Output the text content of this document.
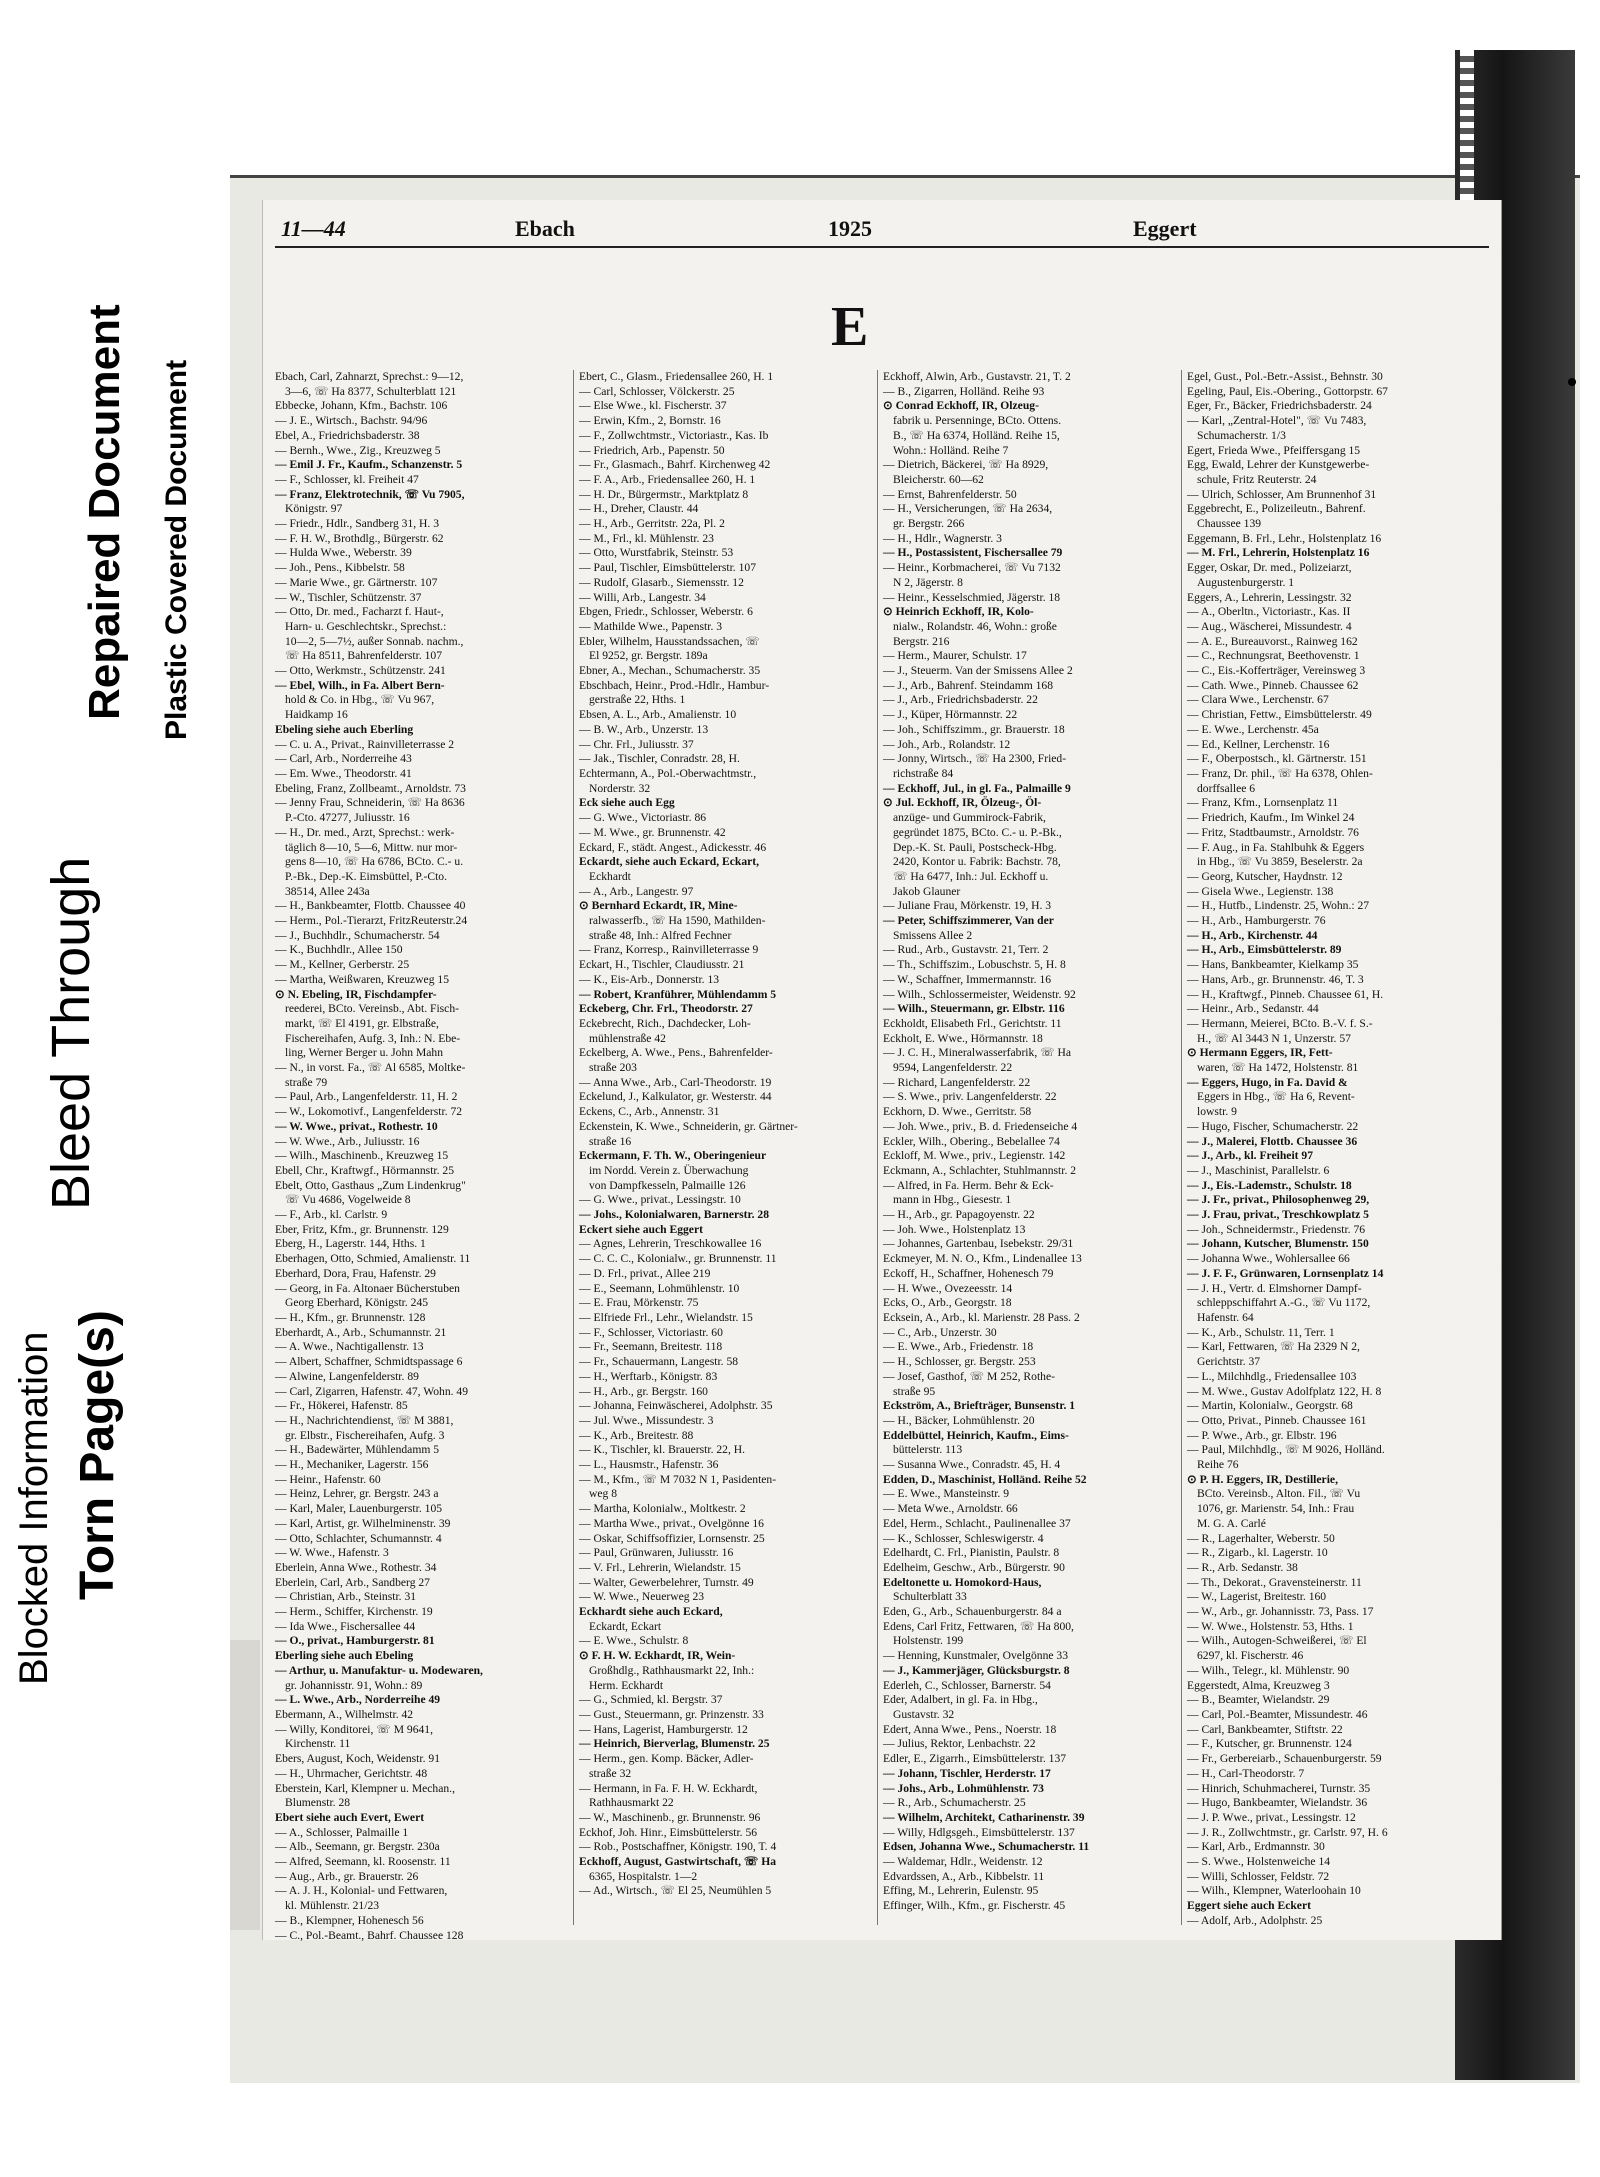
Blocked Information Torn Page(s)
Bleed Through
Repaired Document Plastic Covered Document
11—44	Ebach	1925	Eggert
E
Ebach, Carl, Zahnarzt, Sprechst.: 9—12,
3—6, ☏ Ha 8377, Schulterblatt 121
Ebbecke, Johann, Kfm., Bachstr. 106
— J. E., Wirtsch., Bachstr. 94/96
Ebel, A., Friedrichsbaderstr. 38
— Bernh., Wwe., Zig., Kreuzweg 5
— Emil J. Fr., Kaufm., Schanzenstr. 5
— F., Schlosser, kl. Freiheit 47
— Franz, Elektrotechnik, ☏ Vu 7905,
Königstr. 97
— Friedr., Hdlr., Sandberg 31, H. 3
— F. H. W., Brothdlg., Bürgerstr. 62
— Hulda Wwe., Weberstr. 39
— Joh., Pens., Kibbelstr. 58
— Marie Wwe., gr. Gärtnerstr. 107
— W., Tischler, Schützenstr. 37
— Otto, Dr. med., Facharzt f. Haut-,
Harn- u. Geschlechtskr., Sprechst.:
10—2, 5—7½, außer Sonnab. nachm.,
☏ Ha 8511, Bahrenfelderstr. 107
— Otto, Werkmstr., Schützenstr. 241
— Ebel, Wilh., in Fa. Albert Bern-
hold & Co. in Hbg., ☏ Vu 967,
Haidkamp 16
Ebeling siehe auch Eberling
— C. u. A., Privat., Rainvilleterrasse 2
— Carl, Arb., Norderreihe 43
— Em. Wwe., Theodorstr. 41
Ebeling, Franz, Zollbeamt., Arnoldstr. 73
— Jenny Frau, Schneiderin, ☏ Ha 8636
P.-Cto. 47277, Juliusstr. 16
— H., Dr. med., Arzt, Sprechst.: werk-
täglich 8—10, 5—6, Mittw. nur mor-
gens 8—10, ☏ Ha 6786, BCto. C.- u.
P.-Bk., Dep.-K. Eimsbüttel, P.-Cto.
38514, Allee 243a
— H., Bankbeamter, Flottb. Chaussee 40
— Herm., Pol.-Tierarzt, FritzReuterstr.24
— J., Buchhdlr., Schumacherstr. 54
— K., Buchhdlr., Allee 150
— M., Kellner, Gerberstr. 25
— Martha, Weißwaren, Kreuzweg 15
⊙ N. Ebeling, IR, Fischdampfer-
reederei, BCto. Vereinsb., Abt. Fisch-
markt, ☏ El 4191, gr. Elbstraße,
Fischereihafen, Aufg. 3, Inh.: N. Ebe-
ling, Werner Berger u. John Mahn
— N., in vorst. Fa., ☏ Al 6585, Moltke-
straße 79
— Paul, Arb., Langenfelderstr. 11, H. 2
— W., Lokomotivf., Langenfelderstr. 72
— W. Wwe., privat., Rothestr. 10
— W. Wwe., Arb., Juliusstr. 16
— Wilh., Maschinenb., Kreuzweg 15
Ebell, Chr., Kraftwgf., Hörmannstr. 25
Ebelt, Otto, Gasthaus „Zum Lindenkrug"
☏ Vu 4686, Vogelweide 8
— F., Arb., kl. Carlstr. 9
Eber, Fritz, Kfm., gr. Brunnenstr. 129
Eberg, H., Lagerstr. 144, Hths. 1
Eberhagen, Otto, Schmied, Amalienstr. 11
Eberhard, Dora, Frau, Hafenstr. 29
— Georg, in Fa. Altonaer Bücherstuben
Georg Eberhard, Königstr. 245
— H., Kfm., gr. Brunnenstr. 128
Eberhardt, A., Arb., Schumannstr. 21
— A. Wwe., Nachtigallenstr. 13
— Albert, Schaffner, Schmidtspassage 6
— Alwine, Langenfelderstr. 89
— Carl, Zigarren, Hafenstr. 47, Wohn. 49
— Fr., Hökerei, Hafenstr. 85
— H., Nachrichtendienst, ☏ M 3881,
gr. Elbstr., Fischereihafen, Aufg. 3
— H., Badewärter, Mühlendamm 5
— H., Mechaniker, Lagerstr. 156
— Heinr., Hafenstr. 60
— Heinz, Lehrer, gr. Bergstr. 243 a
— Karl, Maler, Lauenburgerstr. 105
— Karl, Artist, gr. Wilhelminenstr. 39
— Otto, Schlachter, Schumannstr. 4
— W. Wwe., Hafenstr. 3
Eberlein, Anna Wwe., Rothestr. 34
Eberlein, Carl, Arb., Sandberg 27
— Christian, Arb., Steinstr. 31
— Herm., Schiffer, Kirchenstr. 19
— Ida Wwe., Fischersallee 44
— O., privat., Hamburgerstr. 81
Eberling siehe auch Ebeling
— Arthur, u. Manufaktur- u. Modewaren,
gr. Johannisstr. 91, Wohn.: 89
— L. Wwe., Arb., Norderreihe 49
Ebermann, A., Wilhelmstr. 42
— Willy, Konditorei, ☏ M 9641,
Kirchenstr. 11
Ebers, August, Koch, Weidenstr. 91
— H., Uhrmacher, Gerichtstr. 48
Eberstein, Karl, Klempner u. Mechan.,
Blumenstr. 28
Ebert siehe auch Evert, Ewert
— A., Schlosser, Palmaille 1
— Alb., Seemann, gr. Bergstr. 230a
— Alfred, Seemann, kl. Roosenstr. 11
— Aug., Arb., gr. Brauerstr. 26
— A. J. H., Kolonial- und Fettwaren,
kl. Mühlenstr. 21/23
— B., Klempner, Hohenesch 56
— C., Pol.-Beamt., Bahrf. Chaussee 128
Ebert, C., Glasm., Friedensallee 260, H. 1
— Carl, Schlosser, Völckerstr. 25
— Else Wwe., kl. Fischerstr. 37
— Erwin, Kfm., 2, Bornstr. 16
— F., Zollwchtmstr., Victoriastr., Kas. Ib
— Friedrich, Arb., Papenstr. 50
— Fr., Glasmach., Bahrf. Kirchenweg 42
— F. A., Arb., Friedensallee 260, H. 1
— H. Dr., Bürgermstr., Marktplatz 8
— H., Dreher, Claustr. 44
— H., Arb., Gerritstr. 22a, Pl. 2
— M., Frl., kl. Mühlenstr. 23
— Otto, Wurstfabrik, Steinstr. 53
— Paul, Tischler, Eimsbüttelerstr. 107
— Rudolf, Glasarb., Siemensstr. 12
— Willi, Arb., Langestr. 34
Ebgen, Friedr., Schlosser, Weberstr. 6
— Mathilde Wwe., Papenstr. 3
Ebler, Wilhelm, Hausstandssachen, ☏
El 9252, gr. Bergstr. 189a
Ebner, A., Mechan., Schumacherstr. 35
Ebschbach, Heinr., Prod.-Hdlr., Hambur-
gerstraße 22, Hths. 1
Ebsen, A. L., Arb., Amalienstr. 10
— B. W., Arb., Unzerstr. 13
— Chr. Frl., Juliusstr. 37
— Jak., Tischler, Conradstr. 28, H.
Echtermann, A., Pol.-Oberwachtmstr.,
Norderstr. 32
Eck siehe auch Egg
— G. Wwe., Victoriastr. 86
— M. Wwe., gr. Brunnenstr. 42
Eckard, F., städt. Angest., Adickesstr. 46
Eckardt, siehe auch Eckard, Eckart,
Eckhardt
— A., Arb., Langestr. 97
⊙ Bernhard Eckardt, IR, Mine-
ralwasserfb., ☏ Ha 1590, Mathilden-
straße 48, Inh.: Alfred Fechner
— Franz, Korresp., Rainvilleterrasse 9
Eckart, H., Tischler, Claudiusstr. 21
— K., Eis-Arb., Donnerstr. 13
— Robert, Kranführer, Mühlendamm 5
Eckeberg, Chr. Frl., Theodorstr. 27
Eckebrecht, Rich., Dachdecker, Loh-
mühlenstraße 42
Eckelberg, A. Wwe., Pens., Bahrenfelder-
straße 203
— Anna Wwe., Arb., Carl-Theodorstr. 19
Eckelund, J., Kalkulator, gr. Westerstr. 44
Eckens, C., Arb., Annenstr. 31
Eckenstein, K. Wwe., Schneiderin, gr. Gärtner-
straße 16
Eckermann, F. Th. W., Oberingenieur
im Nordd. Verein z. Überwachung
von Dampfkesseln, Palmaille 126
— G. Wwe., privat., Lessingstr. 10
— Johs., Kolonialwaren, Barnerstr. 28
Eckert siehe auch Eggert
— Agnes, Lehrerin, Treschkowallee 16
— C. C. C., Kolonialw., gr. Brunnenstr. 11
— D. Frl., privat., Allee 219
— E., Seemann, Lohmühlenstr. 10
— E. Frau, Mörkenstr. 75
— Elfriede Frl., Lehr., Wielandstr. 15
— F., Schlosser, Victoriastr. 60
— Fr., Seemann, Breitestr. 118
— Fr., Schauermann, Langestr. 58
— H., Werftarb., Königstr. 83
— H., Arb., gr. Bergstr. 160
— Johanna, Feinwäscherei, Adolphstr. 35
— Jul. Wwe., Missundestr. 3
— K., Arb., Breitestr. 88
— K., Tischler, kl. Brauerstr. 22, H.
— L., Hausmstr., Hafenstr. 36
— M., Kfm., ☏ M 7032 N 1, Pasidenten-
weg 8
— Martha, Kolonialw., Moltkestr. 2
— Martha Wwe., privat., Ovelgönne 16
— Oskar, Schiffsoffizier, Lornsenstr. 25
— Paul, Grünwaren, Juliusstr. 16
— V. Frl., Lehrerin, Wielandstr. 15
— Walter, Gewerbelehrer, Turnstr. 49
— W. Wwe., Neuerweg 23
Eckhardt siehe auch Eckard,
Eckardt, Eckart
— E. Wwe., Schulstr. 8
⊙ F. H. W. Eckhardt, IR, Wein-
Großhdlg., Rathhausmarkt 22, Inh.:
Herm. Eckhardt
— G., Schmied, kl. Bergstr. 37
— Gust., Steuermann, gr. Prinzenstr. 33
— Hans, Lagerist, Hamburgerstr. 12
— Heinrich, Bierverlag, Blumenstr. 25
— Herm., gen. Komp. Bäcker, Adler-
straße 32
— Hermann, in Fa. F. H. W. Eckhardt,
Rathhausmarkt 22
— W., Maschinenb., gr. Brunnenstr. 96
Eckhof, Joh. Hinr., Eimsbüttelerstr. 56
— Rob., Postschaffner, Königstr. 190, T. 4
Eckhoff, August, Gastwirtschaft, ☏ Ha
6365, Hospitalstr. 1—2
— Ad., Wirtsch., ☏ El 25, Neumühlen 5
Eckhoff, Alwin, Arb., Gustavstr. 21, T. 2
— B., Zigarren, Holländ. Reihe 93
⊙ Conrad Eckhoff, IR, Olzeug-
fabrik u. Persenninge, BCto. Ottens.
B., ☏ Ha 6374, Holländ. Reihe 15,
Wohn.: Holländ. Reihe 7
— Dietrich, Bäckerei, ☏ Ha 8929,
Bleicherstr. 60—62
— Ernst, Bahrenfelderstr. 50
— H., Versicherungen, ☏ Ha 2634,
gr. Bergstr. 266
— H., Hdlr., Wagnerstr. 3
— H., Postassistent, Fischersallee 79
— Heinr., Korbmacherei, ☏ Vu 7132
N 2, Jägerstr. 8
— Heinr., Kesselschmied, Jägerstr. 18
⊙ Heinrich Eckhoff, IR, Kolo-
nialw., Rolandstr. 46, Wohn.: große
Bergstr. 216
— Herm., Maurer, Schulstr. 17
— J., Steuerm. Van der Smissens Allee 2
— J., Arb., Bahrenf. Steindamm 168
— J., Arb., Friedrichsbaderstr. 22
— J., Küper, Hörmannstr. 22
— Joh., Schiffszimm., gr. Brauerstr. 18
— Joh., Arb., Rolandstr. 12
— Jonny, Wirtsch., ☏ Ha 2300, Fried-
richstraße 84
— Eckhoff, Jul., in gl. Fa., Palmaille 9
⊙ Jul. Eckhoff, IR, Ölzeug-, Öl-
anzüge- und Gummirock-Fabrik,
gegründet 1875, BCto. C.- u. P.-Bk.,
Dep.-K. St. Pauli, Postscheck-Hbg.
2420, Kontor u. Fabrik: Bachstr. 78,
☏ Ha 6477, Inh.: Jul. Eckhoff u.
Jakob Glauner
— Juliane Frau, Mörkenstr. 19, H. 3
— Peter, Schiffszimmerer, Van der
Smissens Allee 2
— Rud., Arb., Gustavstr. 21, Terr. 2
— Th., Schiffszim., Lobuschstr. 5, H. 8
— W., Schaffner, Immermannstr. 16
— Wilh., Schlossermeister, Weidenstr. 92
— Wilh., Steuermann, gr. Elbstr. 116
Eckholdt, Elisabeth Frl., Gerichtstr. 11
Eckholt, E. Wwe., Hörmannstr. 18
— J. C. H., Mineralwasserfabrik, ☏ Ha
9594, Langenfelderstr. 22
— Richard, Langenfelderstr. 22
— S. Wwe., priv. Langenfelderstr. 22
Eckhorn, D. Wwe., Gerritstr. 58
— Joh. Wwe., priv., B. d. Friedenseiche 4
Eckler, Wilh., Obering., Bebelallee 74
Eckloff, M. Wwe., priv., Legienstr. 142
Eckmann, A., Schlachter, Stuhlmannstr. 2
— Alfred, in Fa. Herm. Behr & Eck-
mann in Hbg., Giesestr. 1
— H., Arb., gr. Papagoyenstr. 22
— Joh. Wwe., Holstenplatz 13
— Johannes, Gartenbau, Isebekstr. 29/31
Eckmeyer, M. N. O., Kfm., Lindenallee 13
Eckoff, H., Schaffner, Hohenesch 79
— H. Wwe., Ovezeesstr. 14
Ecks, O., Arb., Georgstr. 18
Ecksein, A., Arb., kl. Marienstr. 28 Pass. 2
— C., Arb., Unzerstr. 30
— E. Wwe., Arb., Friedenstr. 18
— H., Schlosser, gr. Bergstr. 253
— Josef, Gasthof, ☏ M 252, Rothe-
straße 95
Eckström, A., Briefträger, Bunsenstr. 1
— H., Bäcker, Lohmühlenstr. 20
Eddelbüttel, Heinrich, Kaufm., Eims-
büttelerstr. 113
— Susanna Wwe., Conradstr. 45, H. 4
Edden, D., Maschinist, Holländ. Reihe 52
— E. Wwe., Mansteinstr. 9
— Meta Wwe., Arnoldstr. 66
Edel, Herm., Schlacht., Paulinenallee 37
— K., Schlosser, Schleswigerstr. 4
Edelhardt, C. Frl., Pianistin, Paulstr. 8
Edelheim, Geschw., Arb., Bürgerstr. 90
Edeltonette u. Homokord-Haus,
Schulterblatt 33
Eden, G., Arb., Schauenburgerstr. 84 a
Edens, Carl Fritz, Fettwaren, ☏ Ha 800,
Holstenstr. 199
— Henning, Kunstmaler, Ovelgönne 33
— J., Kammerjäger, Glücksburgstr. 8
Ederleh, C., Schlosser, Barnerstr. 54
Eder, Adalbert, in gl. Fa. in Hbg.,
Gustavstr. 32
Edert, Anna Wwe., Pens., Noerstr. 18
— Julius, Rektor, Lenbachstr. 22
Edler, E., Zigarrh., Eimsbüttelerstr. 137
— Johann, Tischler, Herderstr. 17
— Johs., Arb., Lohmühlenstr. 73
— R., Arb., Schumacherstr. 25
— Wilhelm, Architekt, Catharinenstr. 39
— Willy, Hdlgsgeh., Eimsbüttelerstr. 137
Edsen, Johanna Wwe., Schumacherstr. 11
— Waldemar, Hdlr., Weidenstr. 12
Edvardssen, A., Arb., Kibbelstr. 11
Effing, M., Lehrerin, Eulenstr. 95
Effinger, Wilh., Kfm., gr. Fischerstr. 45
Egel, Gust., Pol.-Betr.-Assist., Behnstr. 30
Egeling, Paul, Eis.-Obering., Gottorpstr. 67
Eger, Fr., Bäcker, Friedrichsbaderstr. 24
— Karl, „Zentral-Hotel", ☏ Vu 7483,
Schumacherstr. 1/3
Egert, Frieda Wwe., Pfeiffersgang 15
Egg, Ewald, Lehrer der Kunstgewerbe-
schule, Fritz Reuterstr. 24
— Ulrich, Schlosser, Am Brunnenhof 31
Eggebrecht, E., Polizeileutn., Bahrenf.
Chaussee 139
Eggemann, B. Frl., Lehr., Holstenplatz 16
— M. Frl., Lehrerin, Holstenplatz 16
Egger, Oskar, Dr. med., Polizeiarzt,
Augustenburgerstr. 1
Eggers, A., Lehrerin, Lessingstr. 32
— A., Oberltn., Victoriastr., Kas. II
— Aug., Wäscherei, Missundestr. 4
— A. E., Bureauvorst., Rainweg 162
— C., Rechnungsrat, Beethovenstr. 1
— C., Eis.-Kofferträger, Vereinsweg 3
— Cath. Wwe., Pinneb. Chaussee 62
— Clara Wwe., Lerchenstr. 67
— Christian, Fettw., Eimsbüttelerstr. 49
— E. Wwe., Lerchenstr. 45a
— Ed., Kellner, Lerchenstr. 16
— F., Oberpostsch., kl. Gärtnerstr. 151
— Franz, Dr. phil., ☏ Ha 6378, Ohlen-
dorffsallee 6
— Franz, Kfm., Lornsenplatz 11
— Friedrich, Kaufm., Im Winkel 24
— Fritz, Stadtbaumstr., Arnoldstr. 76
— F. Aug., in Fa. Stahlbuhk & Eggers
in Hbg., ☏ Vu 3859, Beselerstr. 2a
— Georg, Kutscher, Haydnstr. 12
— Gisela Wwe., Legienstr. 138
— H., Hutfb., Lindenstr. 25, Wohn.: 27
— H., Arb., Hamburgerstr. 76
— H., Arb., Kirchenstr. 44
— H., Arb., Eimsbüttelerstr. 89
— Hans, Bankbeamter, Kielkamp 35
— Hans, Arb., gr. Brunnenstr. 46, T. 3
— H., Kraftwgf., Pinneb. Chaussee 61, H.
— Heinr., Arb., Sedanstr. 44
— Hermann, Meierei, BCto. B.-V. f. S.-
H., ☏ Al 3443 N 1, Unzerstr. 57
⊙ Hermann Eggers, IR, Fett-
waren, ☏ Ha 1472, Holstenstr. 81
— Eggers, Hugo, in Fa. David &
Eggers in Hbg., ☏ Ha 6, Revent-
lowstr. 9
— Hugo, Fischer, Schumacherstr. 22
— J., Malerei, Flottb. Chaussee 36
— J., Arb., kl. Freiheit 97
— J., Maschinist, Parallelstr. 6
— J., Eis.-Lademstr., Schulstr. 18
— J. Fr., privat., Philosophenweg 29,
— J. Frau, privat., Treschkowplatz 5
— Joh., Schneidermstr., Friedenstr. 76
— Johann, Kutscher, Blumenstr. 150
— Johanna Wwe., Wohlersallee 66
— J. F. F., Grünwaren, Lornsenplatz 14
— J. H., Vertr. d. Elmshorner Dampf-
schleppschiffahrt A.-G., ☏ Vu 1172,
Hafenstr. 64
— K., Arb., Schulstr. 11, Terr. 1
— Karl, Fettwaren, ☏ Ha 2329 N 2,
Gerichtstr. 37
— L., Milchhdlg., Friedensallee 103
— M. Wwe., Gustav Adolfplatz 122, H. 8
— Martin, Kolonialw., Georgstr. 68
— Otto, Privat., Pinneb. Chaussee 161
— P. Wwe., Arb., gr. Elbstr. 196
— Paul, Milchhdlg., ☏ M 9026, Holländ.
Reihe 76
⊙ P. H. Eggers, IR, Destillerie,
BCto. Vereinsb., Alton. Fil., ☏ Vu
1076, gr. Marienstr. 54, Inh.: Frau
M. G. A. Carlé
— R., Lagerhalter, Weberstr. 50
— R., Zigarb., kl. Lagerstr. 10
— R., Arb. Sedanstr. 38
— Th., Dekorat., Gravensteinerstr. 11
— W., Lagerist, Breitestr. 160
— W., Arb., gr. Johannisstr. 73, Pass. 17
— W. Wwe., Holstenstr. 53, Hths. 1
— Wilh., Autogen-Schweißerei, ☏ El
6297, kl. Fischerstr. 46
— Wilh., Telegr., kl. Mühlenstr. 90
Eggerstedt, Alma, Kreuzweg 3
— B., Beamter, Wielandstr. 29
— Carl, Pol.-Beamter, Missundestr. 46
— Carl, Bankbeamter, Stiftstr. 22
— F., Kutscher, gr. Brunnenstr. 124
— Fr., Gerbereiarb., Schauenburgerstr. 59
— H., Carl-Theodorstr. 7
— Hinrich, Schuhmacherei, Turnstr. 35
— Hugo, Bankbeamter, Wielandstr. 36
— J. P. Wwe., privat., Lessingstr. 12
— J. R., Zollwchtmstr., gr. Carlstr. 97, H. 6
— Karl, Arb., Erdmannstr. 30
— S. Wwe., Holstenweiche 14
— Willi, Schlosser, Feldstr. 72
— Wilh., Klempner, Waterloohain 10
Eggert siehe auch Eckert
— Adolf, Arb., Adolphstr. 25
